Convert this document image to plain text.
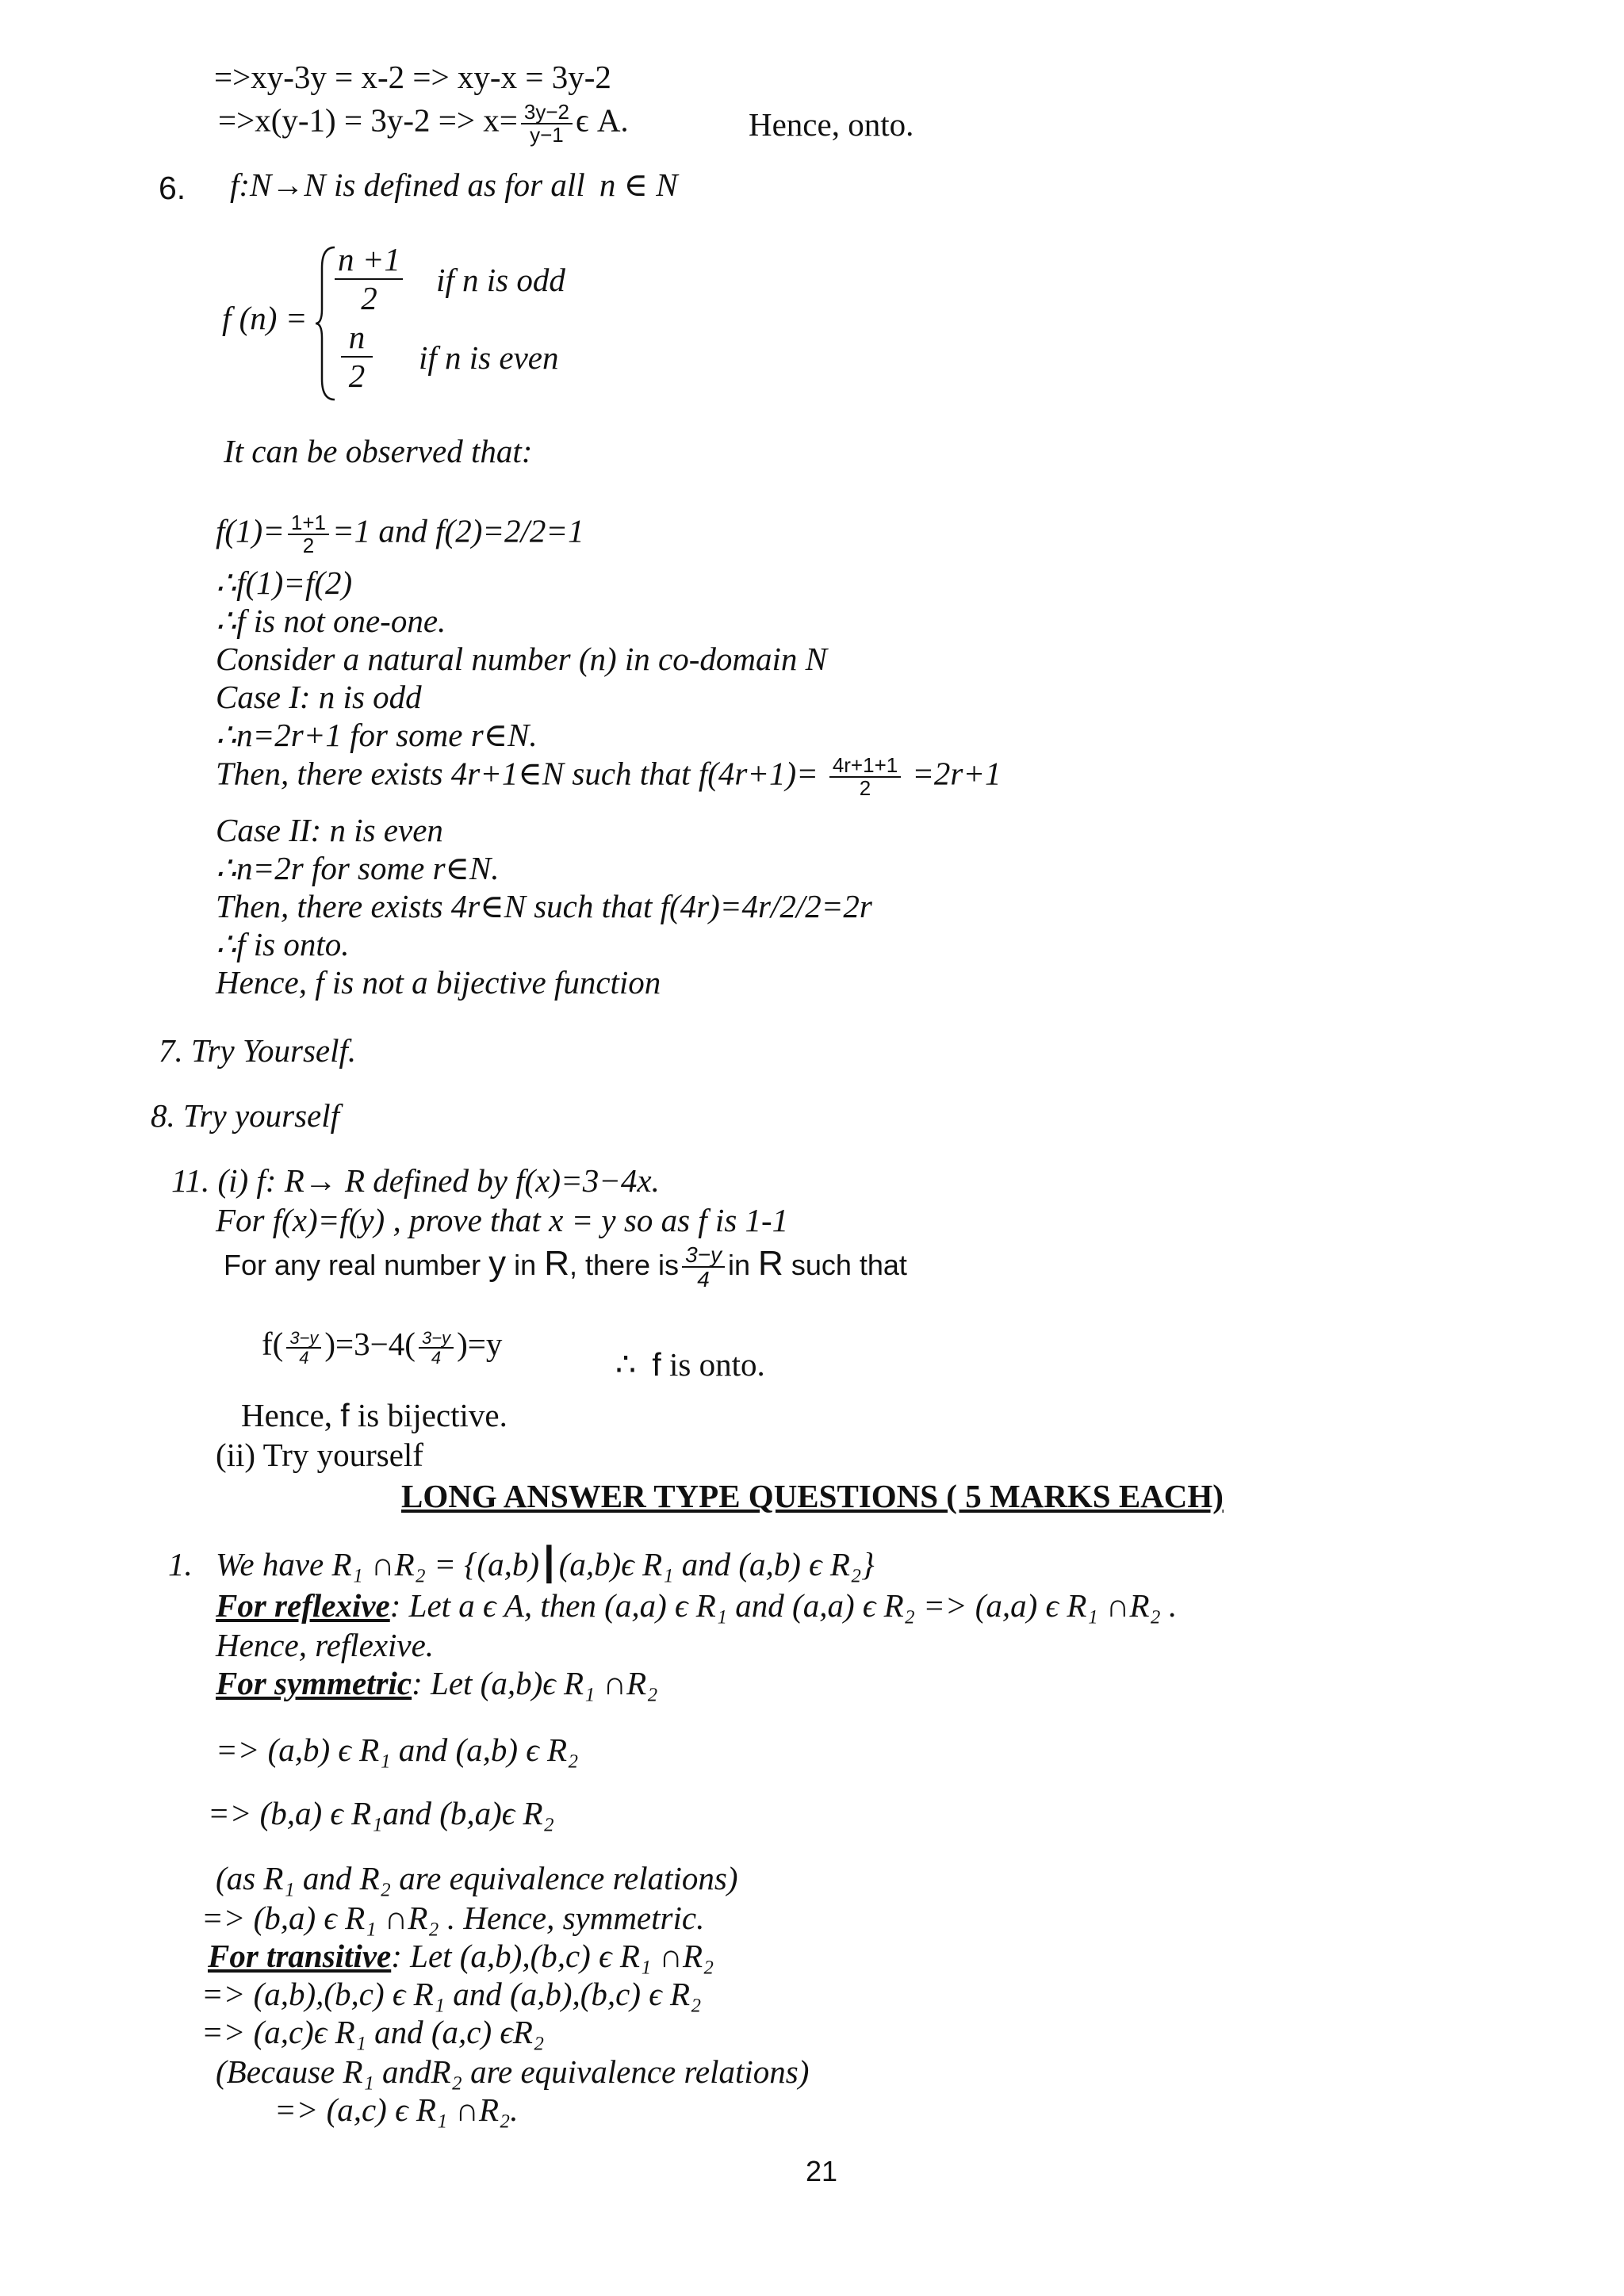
=>xy-3y = x-2 => xy-x = 3y-2
$=>x(y-1) = 3y-2 => x= \frac{3y-2}{y-1}$ ϵ A.	Hence, onto.
6. f:N→N is defined as for all n ∈ N
f (n) =
n +1
2
if n is odd
n
2
if n is even
It can be observed that:
$f(1)= \frac{1+1}{2} =1$ and f(2)=2/2=1
∴f(1)=f(2)
∴f is not one-one.
Consider a natural number (n) in co-domain N
Case I: n is odd
∴n=2r+1 for some r∈N.
Then, there exists 4r+1∈N such that $f(4r+1)= \frac{4r+1+1}{2} =2r+1$
Case II: n is even
∴n=2r for some r∈N.
Then, there exists 4r∈N such that f(4r)=4r/2/2=2r
∴f is onto.
Hence, f is not a bijective function
7. Try Yourself.
8. Try yourself
11. (i) f: R→ R defined by f(x)=3−4x.
For f(x)=f(y) , prove that x = y so as f is 1-1
For any real number y in R, there is $\frac{3-y}{4}$ in R such that
$f( \frac{3-y}{4} )=3-4( \frac{3-y}{4} )=y$
∴ f is onto.
Hence, f is bijective.
(ii) Try yourself
LONG ANSWER TYPE QUESTIONS ( 5 MARKS EACH)
1. We have R₁ ∩R₂ = {(a,b)┃(a,b)ϵ R₁ and (a,b) ϵ R₂}
For reflexive: Let a ϵ A, then (a,a) ϵ R₁ and (a,a) ϵ R₂ => (a,a) ϵ R₁ ∩R₂ .
Hence, reflexive.
For symmetric: Let (a,b)ϵ R₁ ∩R₂
=> (a,b) ϵ R₁ and (a,b) ϵ R₂
=> (b,a) ϵ R₁and (b,a)ϵ R₂
(as R₁ and R₂ are equivalence relations)
=> (b,a) ϵ R₁ ∩R₂ . Hence, symmetric.
For transitive: Let (a,b),(b,c) ϵ R₁ ∩R₂
=> (a,b),(b,c) ϵ R₁ and (a,b),(b,c) ϵ R₂
=> (a,c)ϵ R₁ and (a,c) ϵR₂
(Because R₁ andR₂ are equivalence relations)
=> (a,c) ϵ R₁ ∩R₂.
21
